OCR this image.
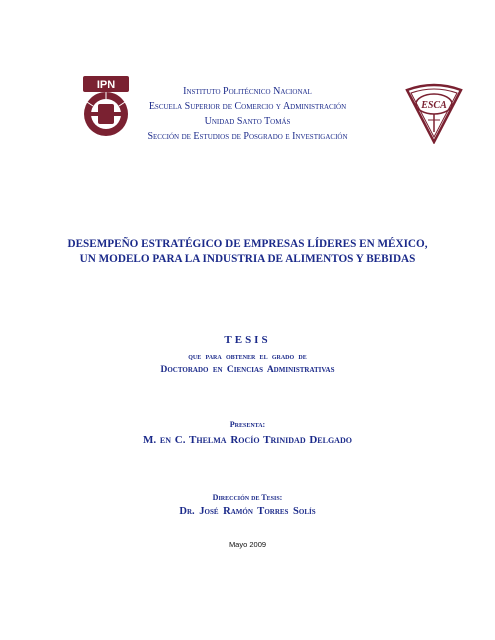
IPN
ESCA
Instituto Politécnico Nacional
Escuela Superior de Comercio y Administración
Unidad Santo Tomás
Sección de Estudios de Posgrado e Investigación
DESEMPEÑO ESTRATÉGICO DE EMPRESAS LÍDERES EN MÉXICO,
UN MODELO PARA LA INDUSTRIA DE ALIMENTOS Y BEBIDAS
TESIS
que para obtener el grado de
Doctorado en Ciencias Administrativas
Presenta:
M. en C. Thelma Rocío Trinidad Delgado
Dirección de Tesis:
Dr. José Ramón Torres Solís
Mayo 2009
